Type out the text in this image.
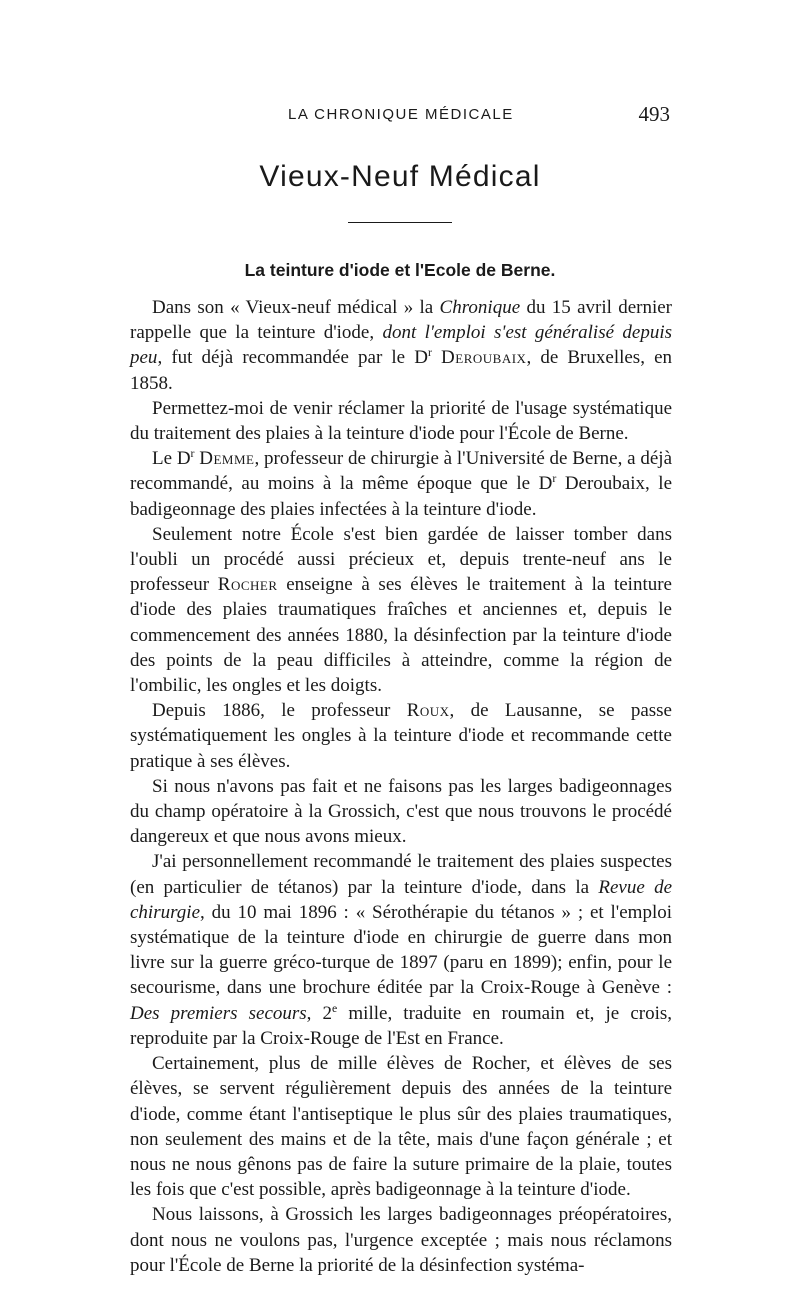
LA CHRONIQUE MÉDICALE	493
Vieux-Neuf Médical
La teinture d'iode et l'Ecole de Berne.

Dans son « Vieux-neuf médical » la Chronique du 15 avril dernier rappelle que la teinture d'iode, dont l'emploi s'est généralisé depuis peu, fut déjà recommandée par le $D^r$ Deroubaix, de Bruxelles, en 1858.

Permettez-moi de venir réclamer la priorité de l'usage systématique du traitement des plaies à la teinture d'iode pour l'École de Berne.

Le $D^r$ Demme, professeur de chirurgie à l'Université de Berne, a déjà recommandé, au moins à la même époque que le $D^r$ Deroubaix, le badigeonnage des plaies infectées à la teinture d'iode.

Seulement notre École s'est bien gardée de laisser tomber dans l'oubli un procédé aussi précieux et, depuis trente-neuf ans le professeur Rocher enseigne à ses élèves le traitement à la teinture d'iode des plaies traumatiques fraîches et anciennes et, depuis le commencement des années 1880, la désinfection par la teinture d'iode des points de la peau difficiles à atteindre, comme la région de l'ombilic, les ongles et les doigts.

Depuis 1886, le professeur Roux, de Lausanne, se passe systématiquement les ongles à la teinture d'iode et recommande cette pratique à ses élèves.

Si nous n'avons pas fait et ne faisons pas les larges badigeonnages du champ opératoire à la Grossich, c'est que nous trouvons le procédé dangereux et que nous avons mieux.

J'ai personnellement recommandé le traitement des plaies suspectes (en particulier de tétanos) par la teinture d'iode, dans la Revue de chirurgie, du 10 mai 1896 : « Sérothérapie du tétanos » ; et l'emploi systématique de la teinture d'iode en chirurgie de guerre dans mon livre sur la guerre gréco-turque de 1897 (paru en 1899); enfin, pour le secourisme, dans une brochure éditée par la Croix-Rouge à Genève : Des premiers secours, 2e mille, traduite en roumain et, je crois, reproduite par la Croix-Rouge de l'Est en France.

Certainement, plus de mille élèves de Rocher, et élèves de ses élèves, se servent régulièrement depuis des années de la teinture d'iode, comme étant l'antiseptique le plus sûr des plaies traumatiques, non seulement des mains et de la tête, mais d'une façon générale ; et nous ne nous gênons pas de faire la suture primaire de la plaie, toutes les fois que c'est possible, après badigeonnage à la teinture d'iode.

Nous laissons, à Grossich les larges badigeonnages préopératoires, dont nous ne voulons pas, l'urgence exceptée ; mais nous réclamons pour l'École de Berne la priorité de la désinfection systéma-
